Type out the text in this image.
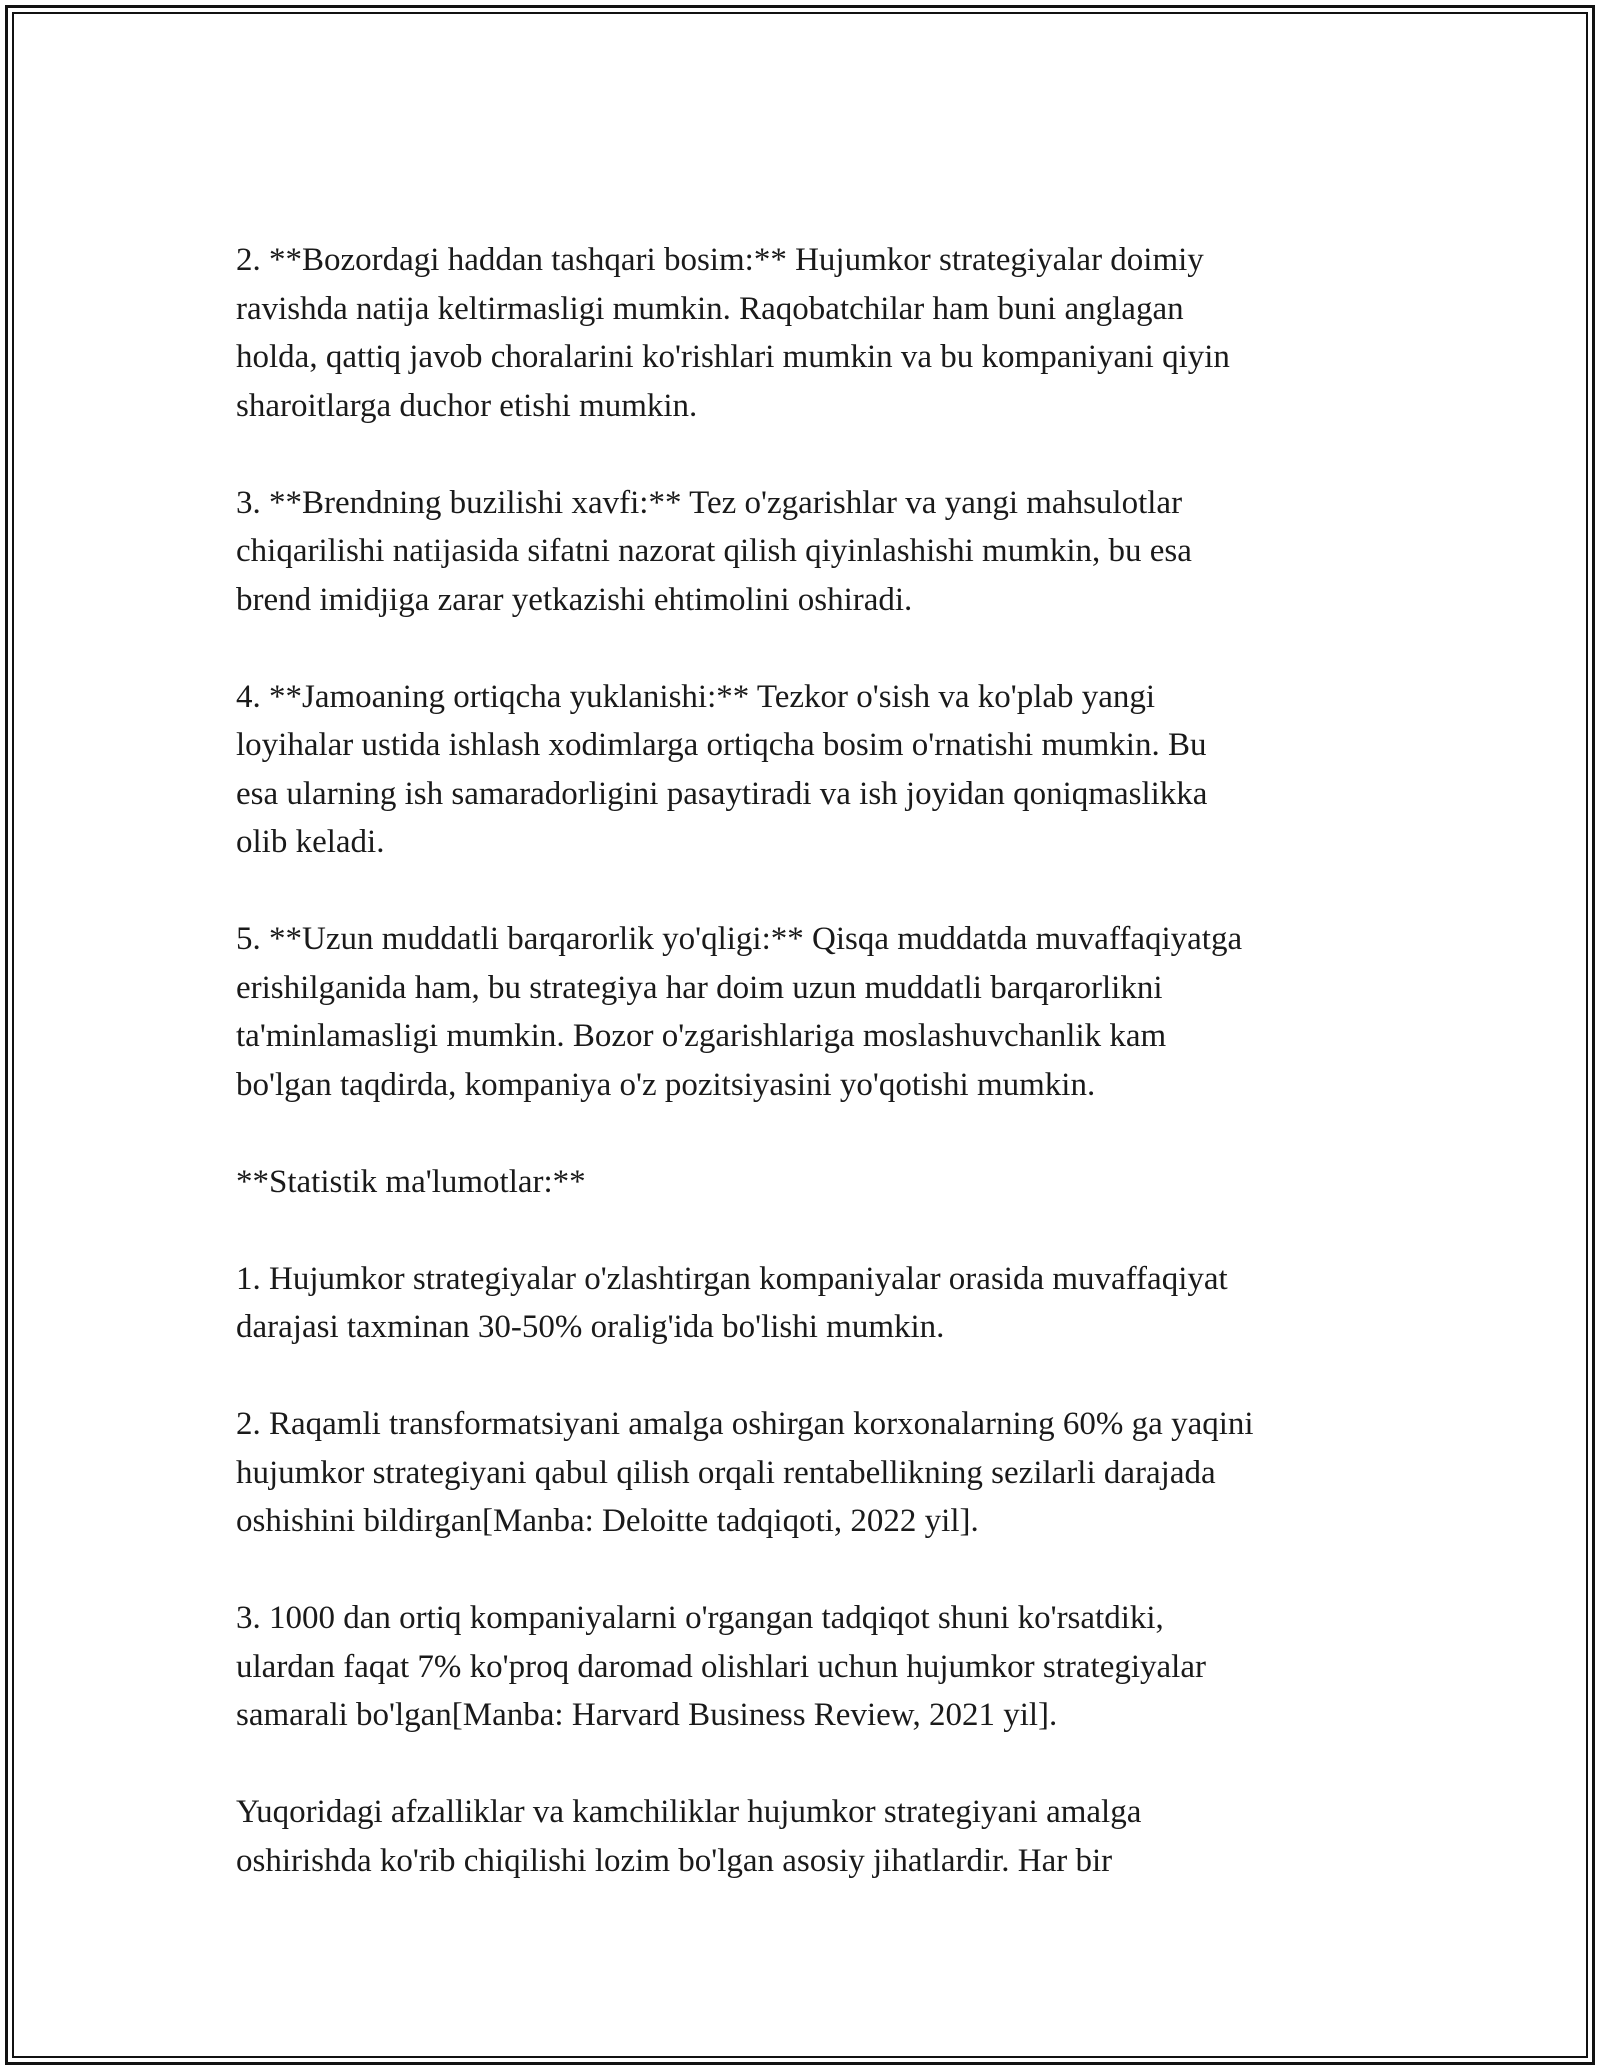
2. **Bozordagi haddan tashqari bosim:** Hujumkor strategiyalar doimiy
ravishda natija keltirmasligi mumkin. Raqobatchilar ham buni anglagan
holda, qattiq javob choralarini ko'rishlari mumkin va bu kompaniyani qiyin
sharoitlarga duchor etishi mumkin.

3. **Brendning buzilishi xavfi:** Tez o'zgarishlar va yangi mahsulotlar
chiqarilishi natijasida sifatni nazorat qilish qiyinlashishi mumkin, bu esa
brend imidjiga zarar yetkazishi ehtimolini oshiradi.

4. **Jamoaning ortiqcha yuklanishi:** Tezkor o'sish va ko'plab yangi
loyihalar ustida ishlash xodimlarga ortiqcha bosim o'rnatishi mumkin. Bu
esa ularning ish samaradorligini pasaytiradi va ish joyidan qoniqmaslikka
olib keladi.

5. **Uzun muddatli barqarorlik yo'qligi:** Qisqa muddatda muvaffaqiyatga
erishilganida ham, bu strategiya har doim uzun muddatli barqarorlikni
ta'minlamasligi mumkin. Bozor o'zgarishlariga moslashuvchanlik kam
bo'lgan taqdirda, kompaniya o'z pozitsiyasini yo'qotishi mumkin.

**Statistik ma'lumotlar:**

1. Hujumkor strategiyalar o'zlashtirgan kompaniyalar orasida muvaffaqiyat
darajasi taxminan 30-50% oralig'ida bo'lishi mumkin.

2. Raqamli transformatsiyani amalga oshirgan korxonalarning 60% ga yaqini
hujumkor strategiyani qabul qilish orqali rentabellikning sezilarli darajada
oshishini bildirgan[Manba: Deloitte tadqiqoti, 2022 yil].

3. 1000 dan ortiq kompaniyalarni o'rgangan tadqiqot shuni ko'rsatdiki,
ulardan faqat 7% ko'proq daromad olishlari uchun hujumkor strategiyalar
samarali bo'lgan[Manba: Harvard Business Review, 2021 yil].

Yuqoridagi afzalliklar va kamchiliklar hujumkor strategiyani amalga
oshirishda ko'rib chiqilishi lozim bo'lgan asosiy jihatlardir. Har bir
